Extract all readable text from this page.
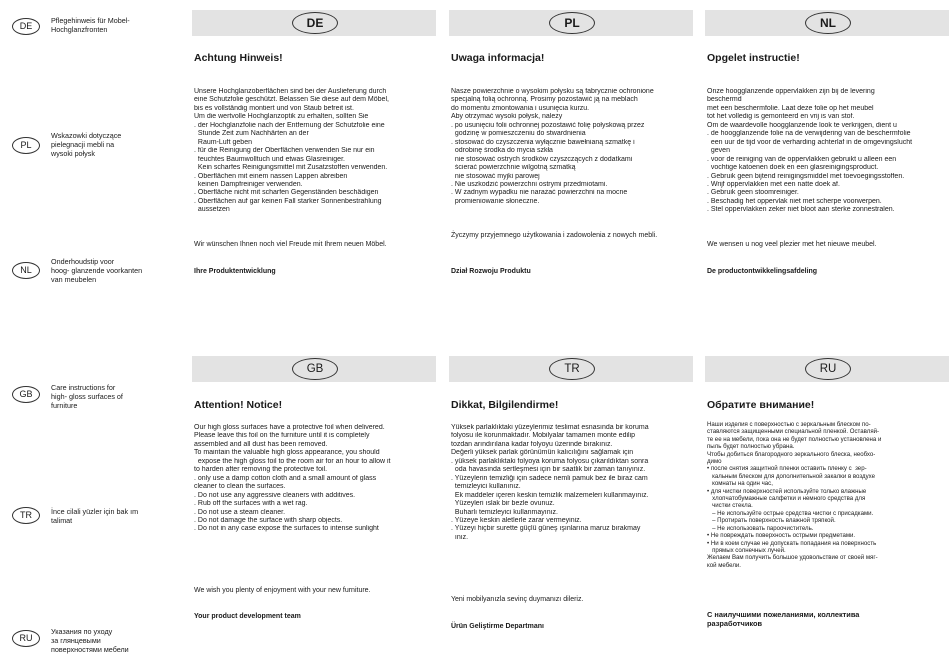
DE
Pflegehinweis für Mobel-
Hochglanzfronten
PL
Wskazowki dotyczące
pielegnacji mebli na
wysoki połysk
NL
Onderhoudstip voor
hoog- glanzende voorkanten
van meubelen
GB
Care instructions for
high- gloss surfaces of
furniture
TR	İnce cilali yüzler için bak ım
talimat
RU
Указания по уходу
за глянцевыми
поверхностями мебели
DE
Achtung Hinweis!
Unsere Hochglanzoberflächen sind bei der Auslieferung durch
eine Schutzfolie geschützt. Belassen Sie diese auf dem Möbel,
bis es vollständig montiert und von Staub befreit ist.
Um die wertvolle Hochglanzoptik zu erhalten, sollten Sie
. der Hochglanzfolie nach der Entfernung der Schutzfolie eine
Stunde Zeit zum Nachhärten an der
Raum-Luft geben
. für die Reinigung der Oberflächen verwenden Sie nur ein
feuchtes Baumwolltuch und etwas Glasreiniger.
Kein scharfes Reinigungsmittel mit Zusatzstoffen verwenden.
. Oberflächen mit einem nassen Lappen abreiben
keinen Dampfreiniger verwenden.
. Oberfläche nicht mit scharfen Gegenständen beschädigen
. Oberflächen auf gar keinen Fall starker Sonnenbestrahlung
aussetzen
Wir wünschen Ihnen noch viel Freude mit Ihrem neuen Möbel.
Ihre Produktentwicklung
PL
Uwaga informacja!
Nasze powierzchnie o wysokim połysku są fabrycznie ochronione
specjalną folią ochronną. Prosimy pozostawić ją na meblach
do momentu zmontowania i usunięcia kurzu.
Aby otrzymać wysoki połysk, należy
. po usunięciu folii ochronnej pozostawić folię połyskową przez
godzinę w pomieszczeniu do stwardnienia
. stosować do czyszczenia wyłącznie bawełnianą szmatkę i
odrobinę środka do mycia szkła
nie stosować ostrych środków czyszczących z dodatkami
ścierać powierzchnie wilgotną szmatką
nie stosować myjki parowej
. Nie uszkodzić powierzchni ostrymi przedmiotami.
. W żadnym wypadku nie narażać powierzchni na mocne
promieniowanie słoneczne.
Życzymy przyjemnego użytkowania i zadowolenia z nowych mebli.
Dział Rozwoju Produktu
NL
Opgelet instructie!
Onze hoogglanzende oppervlakken zijn bij de levering
beschermd
met een beschermfolie. Laat deze folie op het meubel
tot het volledig is gemonteerd en vrij is van stof.
Om de waardevolle hoogglanzende look te verkrijgen, dient u
. de hoogglanzende folie na de verwijdering van de beschermfolie
een uur de tijd voor de verharding achterlaf in de omgevingslucht
geven
. voor de reiniging van de oppervlakken gebruikt u alleen een
vochtige katoenen doek en een glasreinigingsproduct.
. Gebruik geen bijtend reinigingsmiddel met toevoegingsstoffen.
. Wrijf oppervlakken met een natte doek af.
. Gebruik geen stoomreiniger.
. Beschadig het oppervlak niet met scherpe voorwerpen.
. Stel oppervlakken zeker niet bloot aan sterke zonnestralen.
We wensen u nog veel plezier met het nieuwe meubel.
De productontwikkelingsafdeling
GB
Attention! Notice!
Our high gloss surfaces have a protective foil when delivered.
Please leave this foil on the furniture until it is completely
assembled and all dust has been removed.
To maintain the valuable high gloss appearance, you should
expose the high gloss foil to the room air for an hour to allow it
to harden after removing the protective foil.
. only use a damp cotton cloth and a small amount of glass
cleaner to clean the surfaces.
. Do not use any aggressive cleaners with additives.
. Rub off the surfaces with a wet rag.
. Do not use a steam cleaner.
. Do not damage the surface with sharp objects.
. Do not in any case expose the surfaces to intense sunlight
We wish you plenty of enjoyment with your new furniture.
Your product development team
TR
Dikkat, Bilgilendirme!
Yüksek parlaklıktaki yüzeylerimiz teslimat esnasında bir koruma
folyosu ile korunmaktadır. Mobilyalar tamamen monte edilip
tozdan arındırılana kadar folyoyu üzerinde bırakınız.
Değerli yüksek parlak görünümün kalıcılığını sağlamak için
. yüksek parlaklıktaki folyoya koruma folyosu çıkarıldıktan sonra
oda havasında sertleşmesi için bir saatlik bir zaman tanıyınız.
. Yüzeylerin temizliği için sadece nemli pamuk bez ile biraz cam
temizleyici kullanınız.
Ek maddeler içeren keskin temizlik malzemeleri kullanmayınız.
Yüzeyleri ıslak bir bezle ovunuz.
Buharlı temizleyici kullanmayınız.
. Yüzeye keskin aletlerle zarar vermeyiniz.
. Yüzeyi hiçbir surette güçlü güneş ışınlarına maruz bırakmay
ınız.
Yeni mobilyanızla sevinç duymanızı dileriz.
Ürün Geliştirme Departmanı
RU
Обратите внимание!
Наши изделия с поверхностью с зеркальным блеском по-
ставляются защищенными специальной пленкой. Оставляй-
те ее на мебели, пока она не будет полностью установлена и
пыль будет полностью убрана.
Чтобы добиться благородного зеркального блеска, необхо-
димо
• после снятия защитной пленки оставить пленку с  зер-
кальным блеском для дополнительной закалки в воздухе
комнаты на один час,
• для чистки поверхностей используйте только влажные
хлопчатобумажные салфетки и немного средства для
чистки стекла.
– Не используйте острые средства чистки с присадками.
– Протирать поверхность влажной тряпкой.
– Не использовать пароочиститель.
• Не повреждать поверхность острыми предметами.
• Ни в коем случае не допускать попадания на поверхность
прямых солнечных лучей.
Желаем Вам получить большое удовольствие от своей мяг-
кой мебели.
С наилучшими пожеланиями, коллектива
разработчиков
